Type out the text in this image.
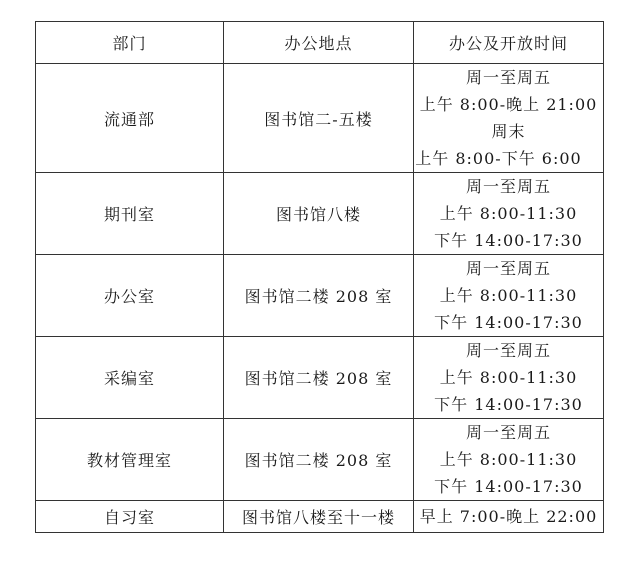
部门	办公地点	办公及开放时间
流通部	图书馆二-五楼	周一至周五
上午 8:00-晚上 21:00
周末
上午 8:00-下午 6:00

期刊室	图书馆八楼	周一至周五
上午 8:00-11:30
下午 14:00-17:30

办公室	图书馆二楼 208 室	周一至周五
上午 8:00-11:30
下午 14:00-17:30

采编室	图书馆二楼 208 室	周一至周五
上午 8:00-11:30
下午 14:00-17:30

教材管理室	图书馆二楼 208 室	周一至周五
上午 8:00-11:30
下午 14:00-17:30

自习室	图书馆八楼至十一楼	早上 7:00-晚上 22:00
